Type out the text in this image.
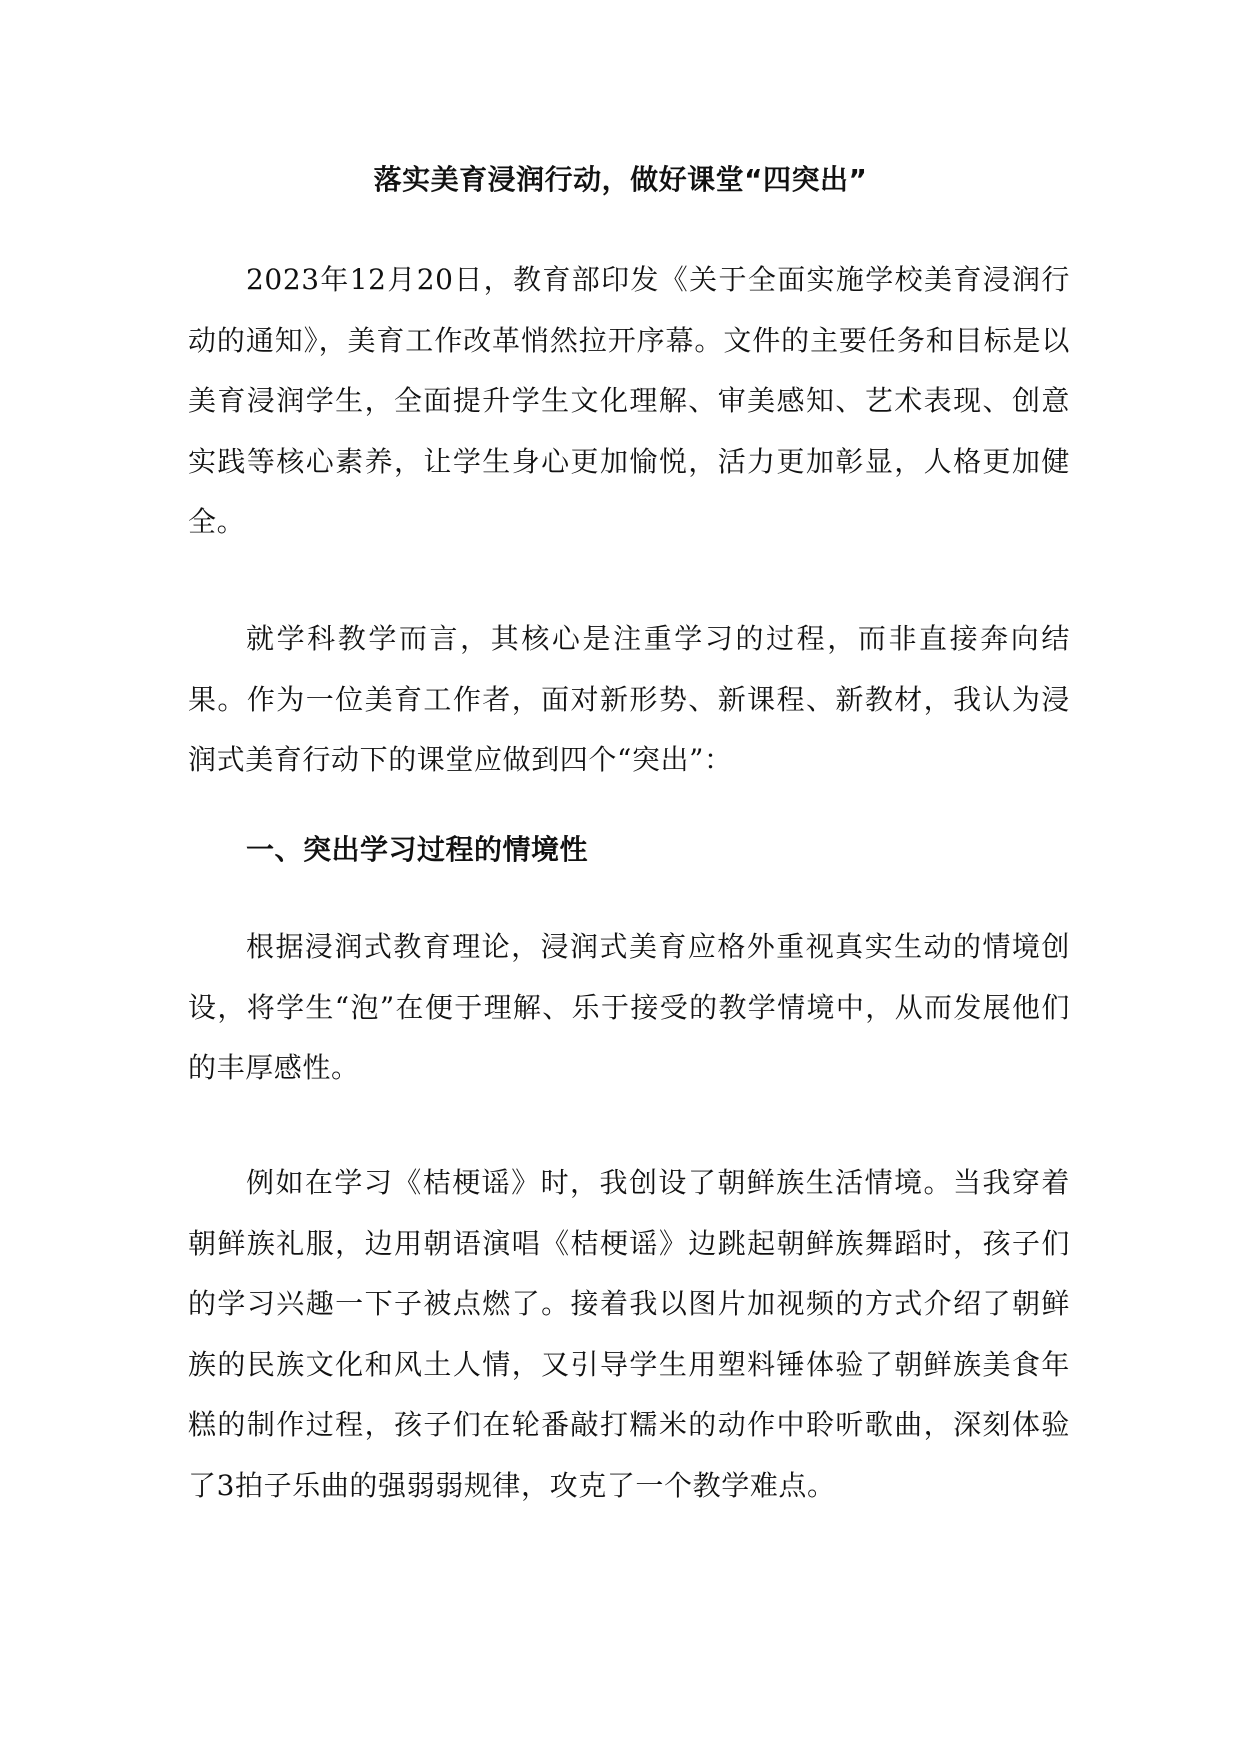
落实美育浸润行动，做好课堂“四突出”

2023年12月20日，教育部印发《关于全面实施学校美育浸润行动的通知》，美育工作改革悄然拉开序幕。文件的主要任务和目标是以美育浸润学生，全面提升学生文化理解、审美感知、艺术表现、创意实践等核心素养，让学生身心更加愉悦，活力更加彰显，人格更加健全。

就学科教学而言，其核心是注重学习的过程，而非直接奔向结果。作为一位美育工作者，面对新形势、新课程、新教材，我认为浸润式美育行动下的课堂应做到四个“突出”：

一、突出学习过程的情境性

根据浸润式教育理论，浸润式美育应格外重视真实生动的情境创设，将学生“泡”在便于理解、乐于接受的教学情境中，从而发展他们的丰厚感性。

例如在学习《桔梗谣》时，我创设了朝鲜族生活情境。当我穿着朝鲜族礼服，边用朝语演唱《桔梗谣》边跳起朝鲜族舞蹈时，孩子们的学习兴趣一下子被点燃了。接着我以图片加视频的方式介绍了朝鲜族的民族文化和风土人情，又引导学生用塑料锤体验了朝鲜族美食年糕的制作过程，孩子们在轮番敲打糯米的动作中聆听歌曲，深刻体验了3拍子乐曲的强弱弱规律，攻克了一个教学难点。
